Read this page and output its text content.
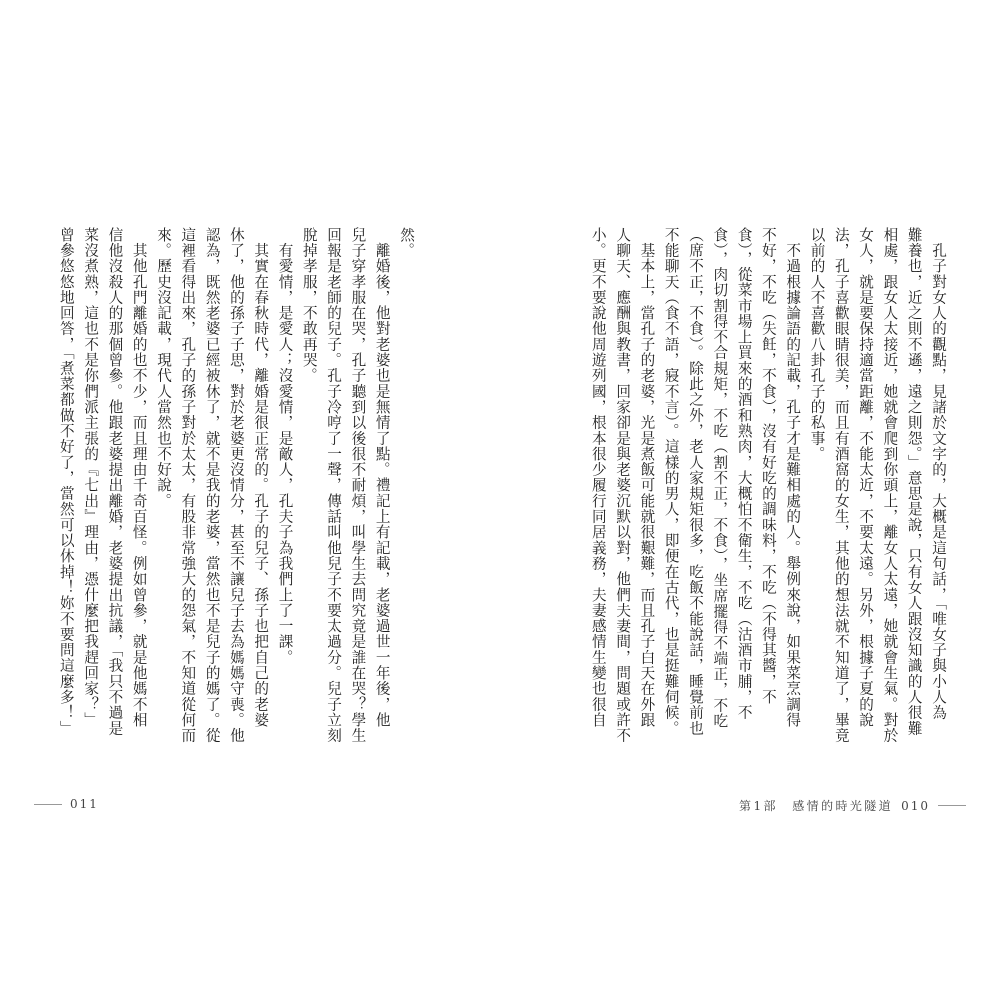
　孔子對女人的觀點，見諸於文字的，大概是這句話，「唯女子與小人為
難養也，近之則不遜，遠之則怨。」意思是說，只有女人跟沒知識的人很難
相處，跟女人太接近，她就會爬到你頭上，離女人太遠，她就會生氣。對於
女人，就是要保持適當距離，不能太近，不要太遠。另外，根據子夏的說
法，孔子喜歡眼睛很美，而且有酒窩的女生，其他的想法就不知道了，畢竟
以前的人不喜歡八卦孔子的私事。
　不過根據論語的記載，孔子才是難相處的人。舉例來說，如果菜烹調得
不好，不吃（失飪，不食），沒有好吃的調味料，不吃（不得其醬，不
食），從菜市場上買來的酒和熟肉，大概怕不衛生，不吃（沽酒市脯，不
食），肉切割得不合規矩，不吃（割不正，不食），坐席擺得不端正，不吃
（席不正，不食）。除此之外，老人家規矩很多，吃飯不能說話，睡覺前也
不能聊天（食不語，寢不言）。這樣的男人，即便在古代，也是挺難伺候。
　基本上，當孔子的老婆，光是煮飯可能就很艱難，而且孔子白天在外跟
人聊天、應酬與教書，回家卻是與老婆沉默以對，他們夫妻間，問題或許不
小。更不要說他周遊列國，根本很少履行同居義務，夫妻感情生變也很自
第1部　感情的時光隧道 010
然。
　離婚後，他對老婆也是無情了點。禮記上有記載，老婆過世一年後，他
兒子穿孝服在哭，孔子聽到以後很不耐煩，叫學生去問究竟是誰在哭？學生
回報是老師的兒子。孔子冷哼了一聲，傳話叫他兒子不要太過分。兒子立刻
脫掉孝服，不敢再哭。
　有愛情，是愛人；沒愛情，是敵人，孔夫子為我們上了一課。
　其實在春秋時代，離婚是很正常的。孔子的兒子、孫子也把自己的老婆
休了，他的孫子子思，對於老婆更沒情分，甚至不讓兒子去為媽媽守喪。他
認為，既然老婆已經被休了，就不是我的老婆，當然也不是兒子的媽了。從
這裡看得出來，孔子的孫子對於太太，有股非常強大的怨氣，不知道從何而
來。歷史沒記載，現代人當然也不好說。
　其他孔門離婚的也不少，而且理由千奇百怪。例如曾參，就是他媽不相
信他沒殺人的那個曾參。他跟老婆提出離婚，老婆提出抗議，「我只不過是
菜沒煮熟，這也不是你們派主張的『七出』理由，憑什麼把我趕回家？」
曾參悠悠地回答，「煮菜都做不好了，當然可以休掉！妳不要問這麼多！」
011
